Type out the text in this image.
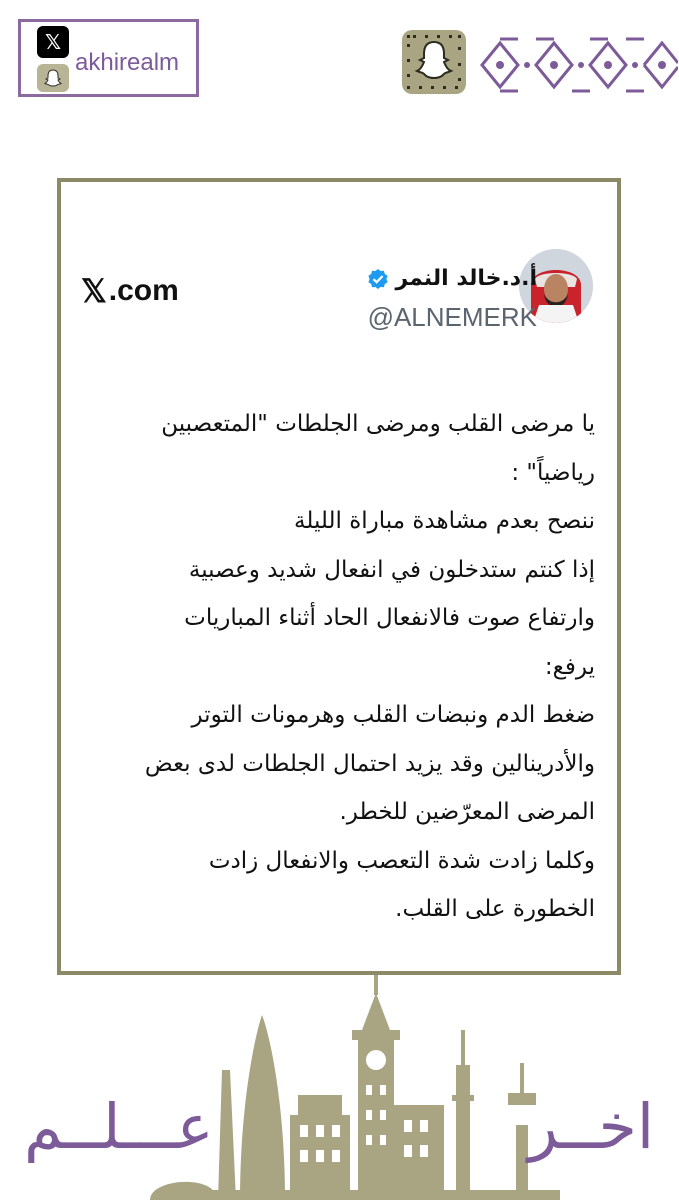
𝕏
akhirealm
أ.د.خالد النمر
@ALNEMERK
𝕏 .com
يا مرضى القلب ومرضى الجلطات "المتعصبين
رياضياً" :
ننصح بعدم مشاهدة مباراة الليلة
إذا كنتم ستدخلون في انفعال شديد وعصبية
وارتفاع صوت فالانفعال الحاد أثناء المباريات
يرفع:
ضغط الدم ونبضات القلب وهرمونات التوتر
والأدرينالين وقد يزيد احتمال الجلطات لدى بعض
المرضى المعرّضين للخطر.
وكلما زادت شدة التعصب والانفعال زادت
الخطورة على القلب.
عـــلــم	اخــر
